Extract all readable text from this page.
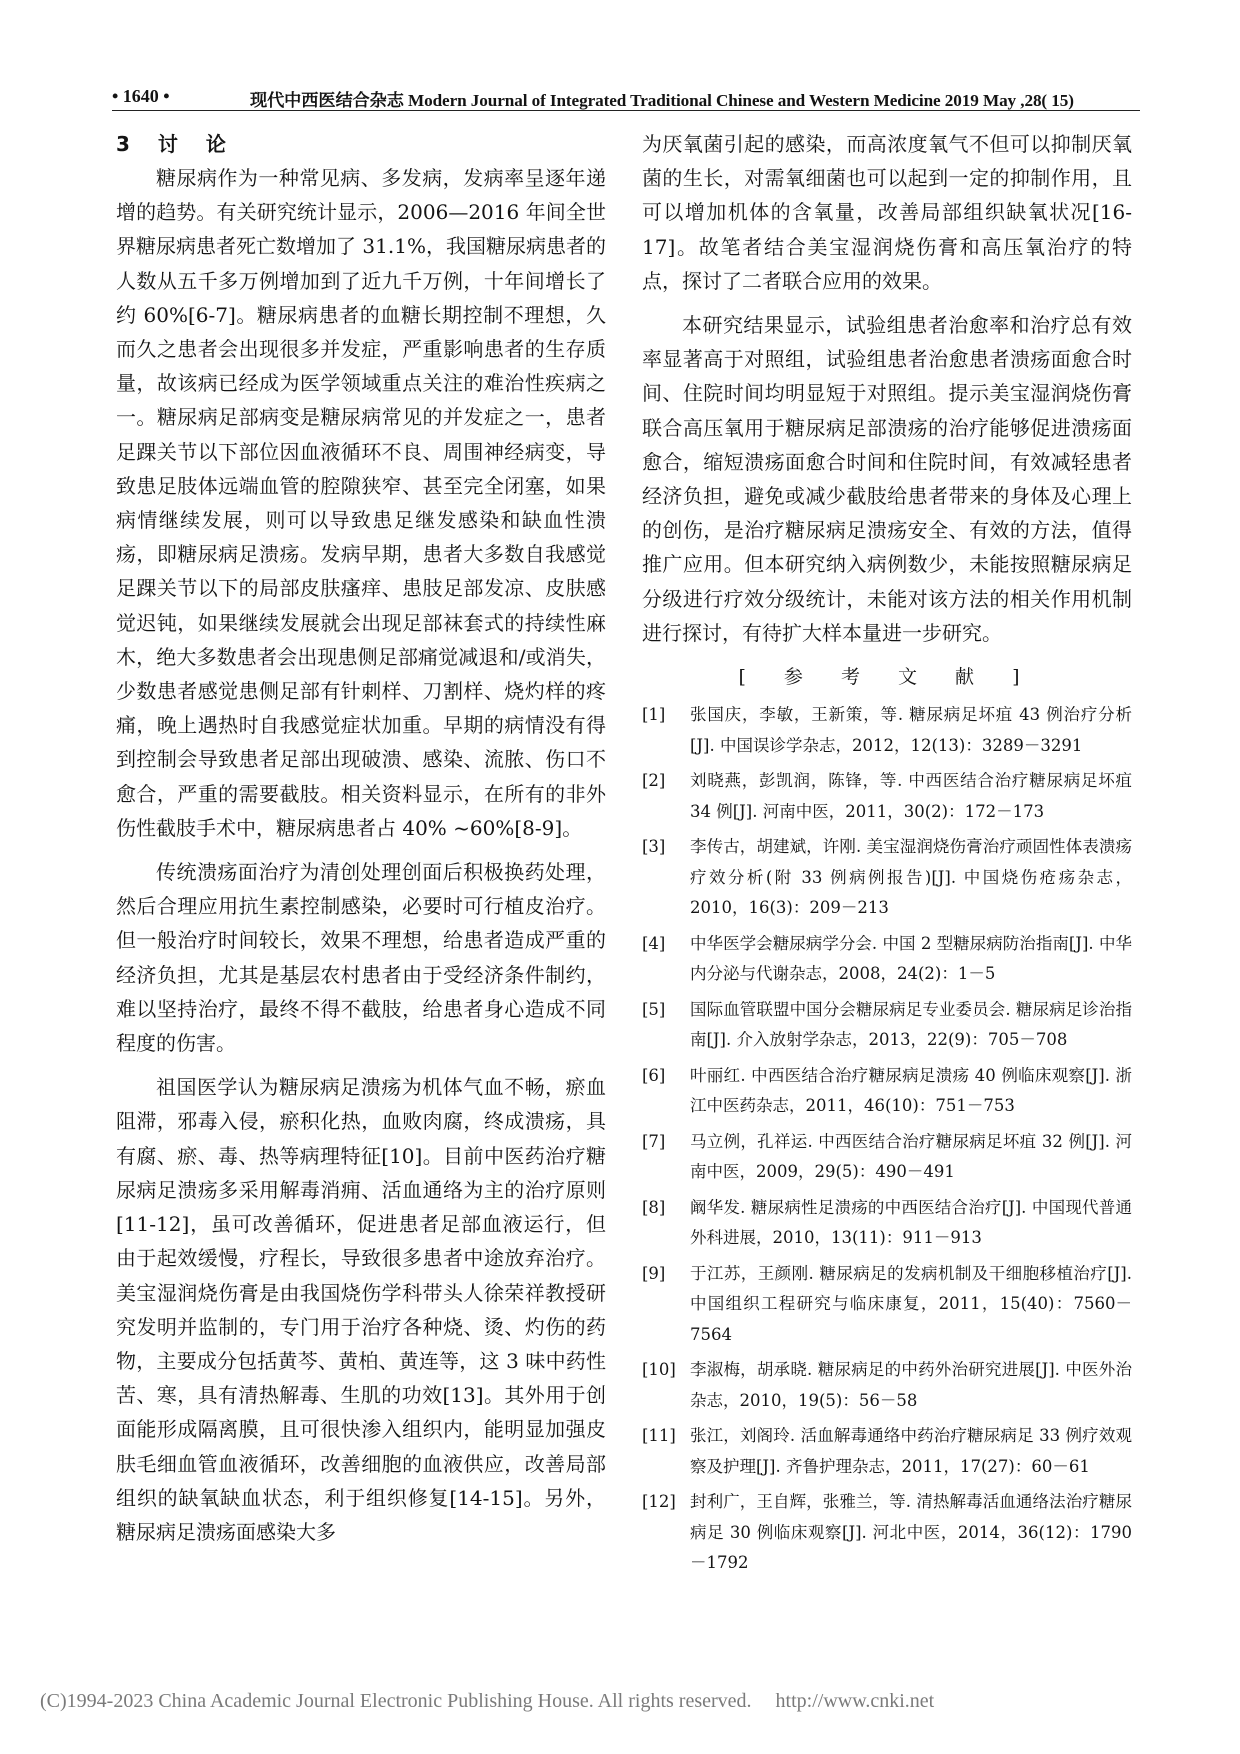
• 1640 •	现代中西医结合杂志 Modern Journal of Integrated Traditional Chinese and Western Medicine 2019 May ,28( 15)
3 讨论

糖尿病作为一种常见病、多发病，发病率呈逐年递增的趋势。有关研究统计显示，2006—2016 年间全世界糖尿病患者死亡数增加了 31.1%，我国糖尿病患者的人数从五千多万例增加到了近九千万例，十年间增长了约 60%[6-7]。糖尿病患者的血糖长期控制不理想，久而久之患者会出现很多并发症，严重影响患者的生存质量，故该病已经成为医学领域重点关注的难治性疾病之一。糖尿病足部病变是糖尿病常见的并发症之一，患者足踝关节以下部位因血液循环不良、周围神经病变，导致患足肢体远端血管的腔隙狭窄、甚至完全闭塞，如果病情继续发展，则可以导致患足继发感染和缺血性溃疡，即糖尿病足溃疡。发病早期，患者大多数自我感觉足踝关节以下的局部皮肤瘙痒、患肢足部发凉、皮肤感觉迟钝，如果继续发展就会出现足部袜套式的持续性麻木，绝大多数患者会出现患侧足部痛觉减退和/或消失，少数患者感觉患侧足部有针刺样、刀割样、烧灼样的疼痛，晚上遇热时自我感觉症状加重。早期的病情没有得到控制会导致患者足部出现破溃、感染、流脓、伤口不愈合，严重的需要截肢。相关资料显示，在所有的非外伤性截肢手术中，糖尿病患者占 40% ~60%[8-9]。

传统溃疡面治疗为清创处理创面后积极换药处理，然后合理应用抗生素控制感染，必要时可行植皮治疗。但一般治疗时间较长，效果不理想，给患者造成严重的经济负担，尤其是基层农村患者由于受经济条件制约，难以坚持治疗，最终不得不截肢，给患者身心造成不同程度的伤害。

祖国医学认为糖尿病足溃疡为机体气血不畅，瘀血阻滞，邪毒入侵，瘀积化热，血败肉腐，终成溃疡，具有腐、瘀、毒、热等病理特征[10]。目前中医药治疗糖尿病足溃疡多采用解毒消痈、活血通络为主的治疗原则[11-12]，虽可改善循环，促进患者足部血液运行，但由于起效缓慢，疗程长，导致很多患者中途放弃治疗。美宝湿润烧伤膏是由我国烧伤学科带头人徐荣祥教授研究发明并监制的，专门用于治疗各种烧、烫、灼伤的药物，主要成分包括黄芩、黄柏、黄连等，这 3 味中药性苦、寒，具有清热解毒、生肌的功效[13]。其外用于创面能形成隔离膜，且可很快渗入组织内，能明显加强皮肤毛细血管血液循环，改善细胞的血液供应，改善局部组织的缺氧缺血状态，利于组织修复[14-15]。另外，糖尿病足溃疡面感染大多

为厌氧菌引起的感染，而高浓度氧气不但可以抑制厌氧菌的生长，对需氧细菌也可以起到一定的抑制作用，且可以增加机体的含氧量，改善局部组织缺氧状况[16-17]。故笔者结合美宝湿润烧伤膏和高压氧治疗的特点，探讨了二者联合应用的效果。

本研究结果显示，试验组患者治愈率和治疗总有效率显著高于对照组，试验组患者治愈患者溃疡面愈合时间、住院时间均明显短于对照组。提示美宝湿润烧伤膏联合高压氧用于糖尿病足部溃疡的治疗能够促进溃疡面愈合，缩短溃疡面愈合时间和住院时间，有效减轻患者经济负担，避免或减少截肢给患者带来的身体及心理上的创伤，是治疗糖尿病足溃疡安全、有效的方法，值得推广应用。但本研究纳入病例数少，未能按照糖尿病足分级进行疗效分级统计，未能对该方法的相关作用机制进行探讨，有待扩大样本量进一步研究。

[ 参 考 文 献 ]
[1]	张国庆，李敏，王新策，等. 糖尿病足坏疽 43 例治疗分析[J]. 中国误诊学杂志，2012，12(13)：3289－3291
[2]	刘晓燕，彭凯润，陈锋，等. 中西医结合治疗糖尿病足坏疽 34 例[J]. 河南中医，2011，30(2)：172－173
[3]	李传古，胡建斌，许刚. 美宝湿润烧伤膏治疗顽固性体表溃疡疗效分析(附 33 例病例报告)[J]. 中国烧伤疮疡杂志，2010，16(3)：209－213
[4]	中华医学会糖尿病学分会. 中国 2 型糖尿病防治指南[J]. 中华内分泌与代谢杂志，2008，24(2)：1－5
[5]	国际血管联盟中国分会糖尿病足专业委员会. 糖尿病足诊治指南[J]. 介入放射学杂志，2013，22(9)：705－708
[6]	叶丽红. 中西医结合治疗糖尿病足溃疡 40 例临床观察[J]. 浙江中医药杂志，2011，46(10)：751－753
[7]	马立例，孔祥运. 中西医结合治疗糖尿病足坏疽 32 例[J]. 河南中医，2009，29(5)：490－491
[8]	阚华发. 糖尿病性足溃疡的中西医结合治疗[J]. 中国现代普通外科进展，2010，13(11)：911－913
[9]	于江苏，王颜刚. 糖尿病足的发病机制及干细胞移植治疗[J]. 中国组织工程研究与临床康复，2011，15(40)：7560－7564
[10] 李淑梅，胡承晓. 糖尿病足的中药外治研究进展[J]. 中医外治杂志，2010，19(5)：56－58
[11] 张江，刘阁玲. 活血解毒通络中药治疗糖尿病足 33 例疗效观察及护理[J]. 齐鲁护理杂志，2011，17(27)：60－61
[12] 封利广，王自辉，张雅兰，等. 清热解毒活血通络法治疗糖尿病足 30 例临床观察[J]. 河北中医，2014，36(12)：1790－1792
(C)1994-2023 China Academic Journal Electronic Publishing House. All rights reserved. http://www.cnki.net
